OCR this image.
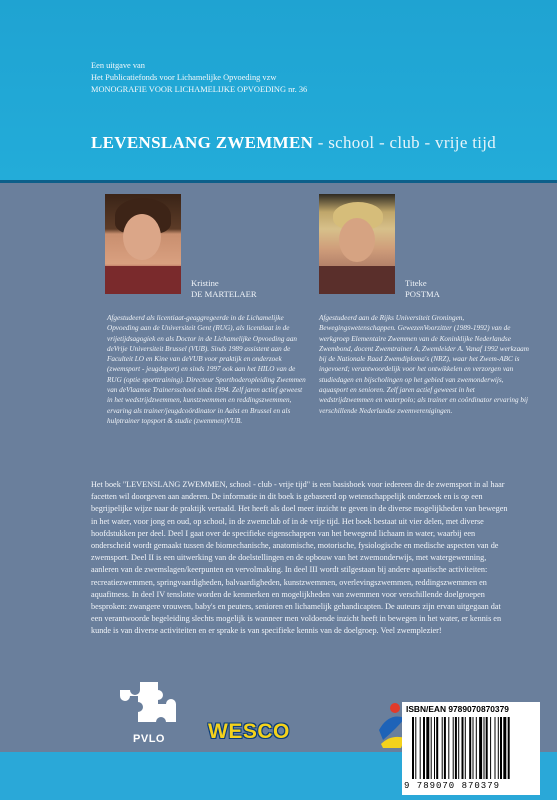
Een uitgave van
Het Publicatiefonds voor Lichamelijke Opvoeding vzw
MONOGRAFIE VOOR LICHAMELIJKE OPVOEDING nr. 36
LEVENSLANG ZWEMMEN - school - club - vrije tijd
Kristine
DE MARTELAER
Titeke
POSTMA
Afgestudeerd als licentiaat-geaggregeerde in de Lichamelijke Opvoeding aan de Universiteit Gent (RUG), als licentiaat in de vrijetijdsagogiek en als Doctor in de Lichamelijke Opvoeding aan deVrije Universiteit Brussel (VUB). Sinds 1989 assistent aan de Faculteit LO en Kine van deVUB voor praktijk en onderzoek (zwemsport - jeugdsport) en sinds 1997 ook aan het HILO van de RUG (optie sporttraining). Directeur Sporthoderopleiding Zwemmen van deVlaamse Trainersschool sinds 1994. Zelf jaren actief geweest in het wedstrijdzwemmen, kunstzwemmen en reddingszwemmen, ervaring als trainer/jeugdcoördinator in Aalst en Brussel en als hulptrainer topsport & studie (zwemmen)VUB.
Afgestudeerd aan de Rijks Universiteit Groningen, Bewegingswetenschappen. GewezenVoorzitter (1989-1992) van de werkgroep Elementaire Zwemmen van de Koninklijke Nederlandse Zwembond, docent Zwemtrainer A, Zwemleider A. Vanaf 1992 werkzaam bij de Nationale Raad Zwemdiploma's (NRZ), waar het Zwem-ABC is ingevoerd; verantwoordelijk voor het ontwikkelen en verzorgen van studiedagen en bijscholingen op het gebied van zwemonderwijs, aquasport en senioren. Zelf jaren actief geweest in het wedstrijdzwemmen en waterpolo; als trainer en coördinator ervaring bij verschillende Nederlandse zwemverenigingen.
Het boek "LEVENSLANG ZWEMMEN, school - club - vrije tijd" is een basisboek voor iedereen die de zwemsport in al haar facetten wil doorgeven aan anderen. De informatie in dit boek is gebaseerd op wetenschappelijk onderzoek en is op een begrijpelijke wijze naar de praktijk vertaald. Het heeft als doel meer inzicht te geven in de diverse mogelijkheden van bewegen in het water, voor jong en oud, op school, in de zwemclub of in de vrije tijd. Het boek bestaat uit vier delen, met diverse hoofdstukken per deel. Deel I gaat over de specifieke eigenschappen van het bewegend lichaam in water, waarbij een onderscheid wordt gemaakt tussen de biomechanische, anatomische, motorische, fysiologische en medische aspecten van de zwemsport. Deel II is een uitwerking van de doelstellingen en de opbouw van het zwemonderwijs, met watergewenning, aanleren van de zwemslagen/keerpunten en vervolmaking. In deel III wordt stilgestaan bij andere aquatische activiteiten: recreatiezwemmen, springvaardigheden, balvaardigheden, kunstzwemmen, overlevingszwemmen, reddingszwemmen en aquafitness. In deel IV tenslotte worden de kenmerken en mogelijkheden van zwemmen voor verschillende doelgroepen besproken: zwangere vrouwen, baby's en peuters, senioren en lichamelijk gehandicapten. De auteurs zijn ervan uitgegaan dat een verantwoorde begeleiding slechts mogelijk is wanneer men voldoende inzicht heeft in bewegen in het water, er kennis en kunde is van diverse activiteiten en er sprake is van specifieke kennis van de doelgroep. Veel zwemplezier!
PVLO	WESCO
ISBN/EAN 9789070870379
9 789070 870379
